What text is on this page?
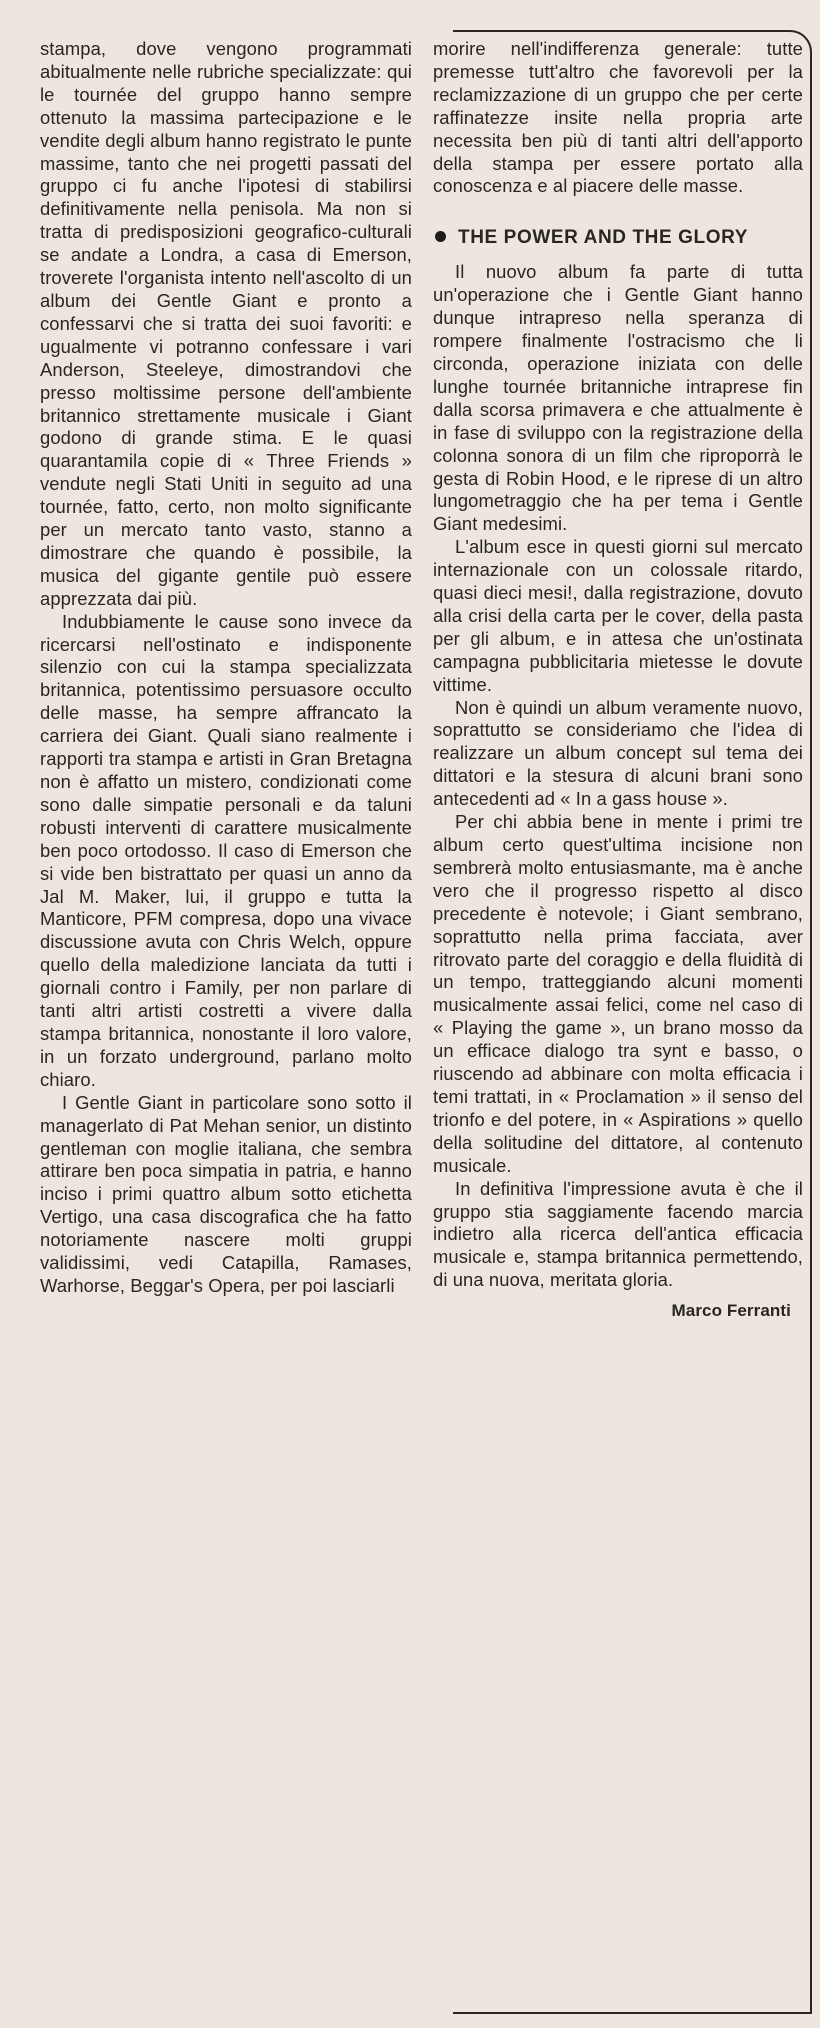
stampa, dove vengono programmati abitualmente nelle rubriche specializzate: qui le tournée del gruppo hanno sempre ottenuto la massima partecipazione e le vendite degli album hanno registrato le punte massime, tanto che nei progetti passati del gruppo ci fu anche l'ipotesi di stabilirsi definitivamente nella penisola. Ma non si tratta di predisposizioni geografico-culturali se andate a Londra, a casa di Emerson, troverete l'organista intento nell'ascolto di un album dei Gentle Giant e pronto a confessarvi che si tratta dei suoi favoriti: e ugualmente vi potranno confessare i vari Anderson, Steeleye, dimostrandovi che presso moltissime persone dell'ambiente britannico strettamente musicale i Giant godono di grande stima. E le quasi quarantamila copie di « Three Friends » vendute negli Stati Uniti in seguito ad una tournée, fatto, certo, non molto significante per un mercato tanto vasto, stanno a dimostrare che quando è possibile, la musica del gigante gentile può essere apprezzata dai più.

Indubbiamente le cause sono invece da ricercarsi nell'ostinato e indisponente silenzio con cui la stampa specializzata britannica, potentissimo persuasore occulto delle masse, ha sempre affrancato la carriera dei Giant. Quali siano realmente i rapporti tra stampa e artisti in Gran Bretagna non è affatto un mistero, condizionati come sono dalle simpatie personali e da taluni robusti interventi di carattere musicalmente ben poco ortodosso. Il caso di Emerson che si vide ben bistrattato per quasi un anno da Jal M. Maker, lui, il gruppo e tutta la Manticore, PFM compresa, dopo una vivace discussione avuta con Chris Welch, oppure quello della maledizione lanciata da tutti i giornali contro i Family, per non parlare di tanti altri artisti costretti a vivere dalla stampa britannica, nonostante il loro valore, in un forzato underground, parlano molto chiaro.

I Gentle Giant in particolare sono sotto il managerlato di Pat Mehan senior, un distinto gentleman con moglie italiana, che sembra attirare ben poca simpatia in patria, e hanno inciso i primi quattro album sotto etichetta Vertigo, una casa discografica che ha fatto notoriamente nascere molti gruppi validissimi, vedi Catapilla, Ramases, Warhorse, Beggar's Opera, per poi lasciarli

morire nell'indifferenza generale: tutte premesse tutt'altro che favorevoli per la reclamizzazione di un gruppo che per certe raffinatezze insite nella propria arte necessita ben più di tanti altri dell'apporto della stampa per essere portato alla conoscenza e al piacere delle masse.

THE POWER AND THE GLORY

Il nuovo album fa parte di tutta un'operazione che i Gentle Giant hanno dunque intrapreso nella speranza di rompere finalmente l'ostracismo che li circonda, operazione iniziata con delle lunghe tournée britanniche intraprese fin dalla scorsa primavera e che attualmente è in fase di sviluppo con la registrazione della colonna sonora di un film che riproporrà le gesta di Robin Hood, e le riprese di un altro lungometraggio che ha per tema i Gentle Giant medesimi.

L'album esce in questi giorni sul mercato internazionale con un colossale ritardo, quasi dieci mesi!, dalla registrazione, dovuto alla crisi della carta per le cover, della pasta per gli album, e in attesa che un'ostinata campagna pubblicitaria mietesse le dovute vittime.

Non è quindi un album veramente nuovo, soprattutto se consideriamo che l'idea di realizzare un album concept sul tema dei dittatori e la stesura di alcuni brani sono antecedenti ad « In a gass house ».

Per chi abbia bene in mente i primi tre album certo quest'ultima incisione non sembrerà molto entusiasmante, ma è anche vero che il progresso rispetto al disco precedente è notevole; i Giant sembrano, soprattutto nella prima facciata, aver ritrovato parte del coraggio e della fluidità di un tempo, tratteggiando alcuni momenti musicalmente assai felici, come nel caso di « Playing the game », un brano mosso da un efficace dialogo tra synt e basso, o riuscendo ad abbinare con molta efficacia i temi trattati, in « Proclamation » il senso del trionfo e del potere, in « Aspirations » quello della solitudine del dittatore, al contenuto musicale.

In definitiva l'impressione avuta è che il gruppo stia saggiamente facendo marcia indietro alla ricerca dell'antica efficacia musicale e, stampa britannica permettendo, di una nuova, meritata gloria.

Marco Ferranti
